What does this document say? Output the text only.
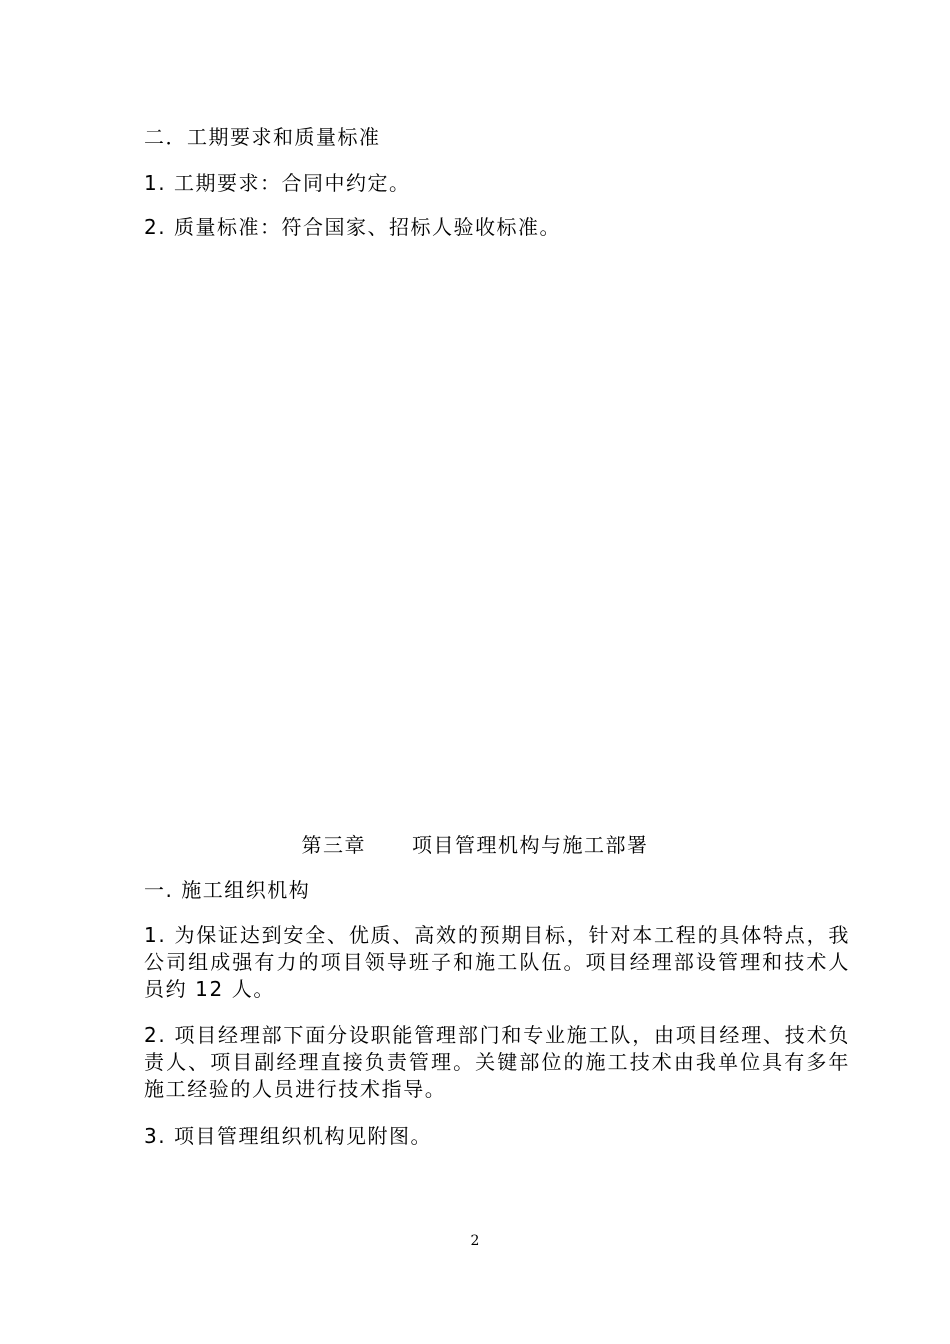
二．工期要求和质量标准
1. 工期要求：合同中约定。
2. 质量标准：符合国家、招标人验收标准。
第三章 项目管理机构与施工部署
一. 施工组织机构
1. 为保证达到安全、优质、高效的预期目标，针对本工程的具体特点，我公司组成强有力的项目领导班子和施工队伍。项目经理部设管理和技术人员约 12 人。
2. 项目经理部下面分设职能管理部门和专业施工队，由项目经理、技术负责人、项目副经理直接负责管理。关键部位的施工技术由我单位具有多年施工经验的人员进行技术指导。
3. 项目管理组织机构见附图。
2
